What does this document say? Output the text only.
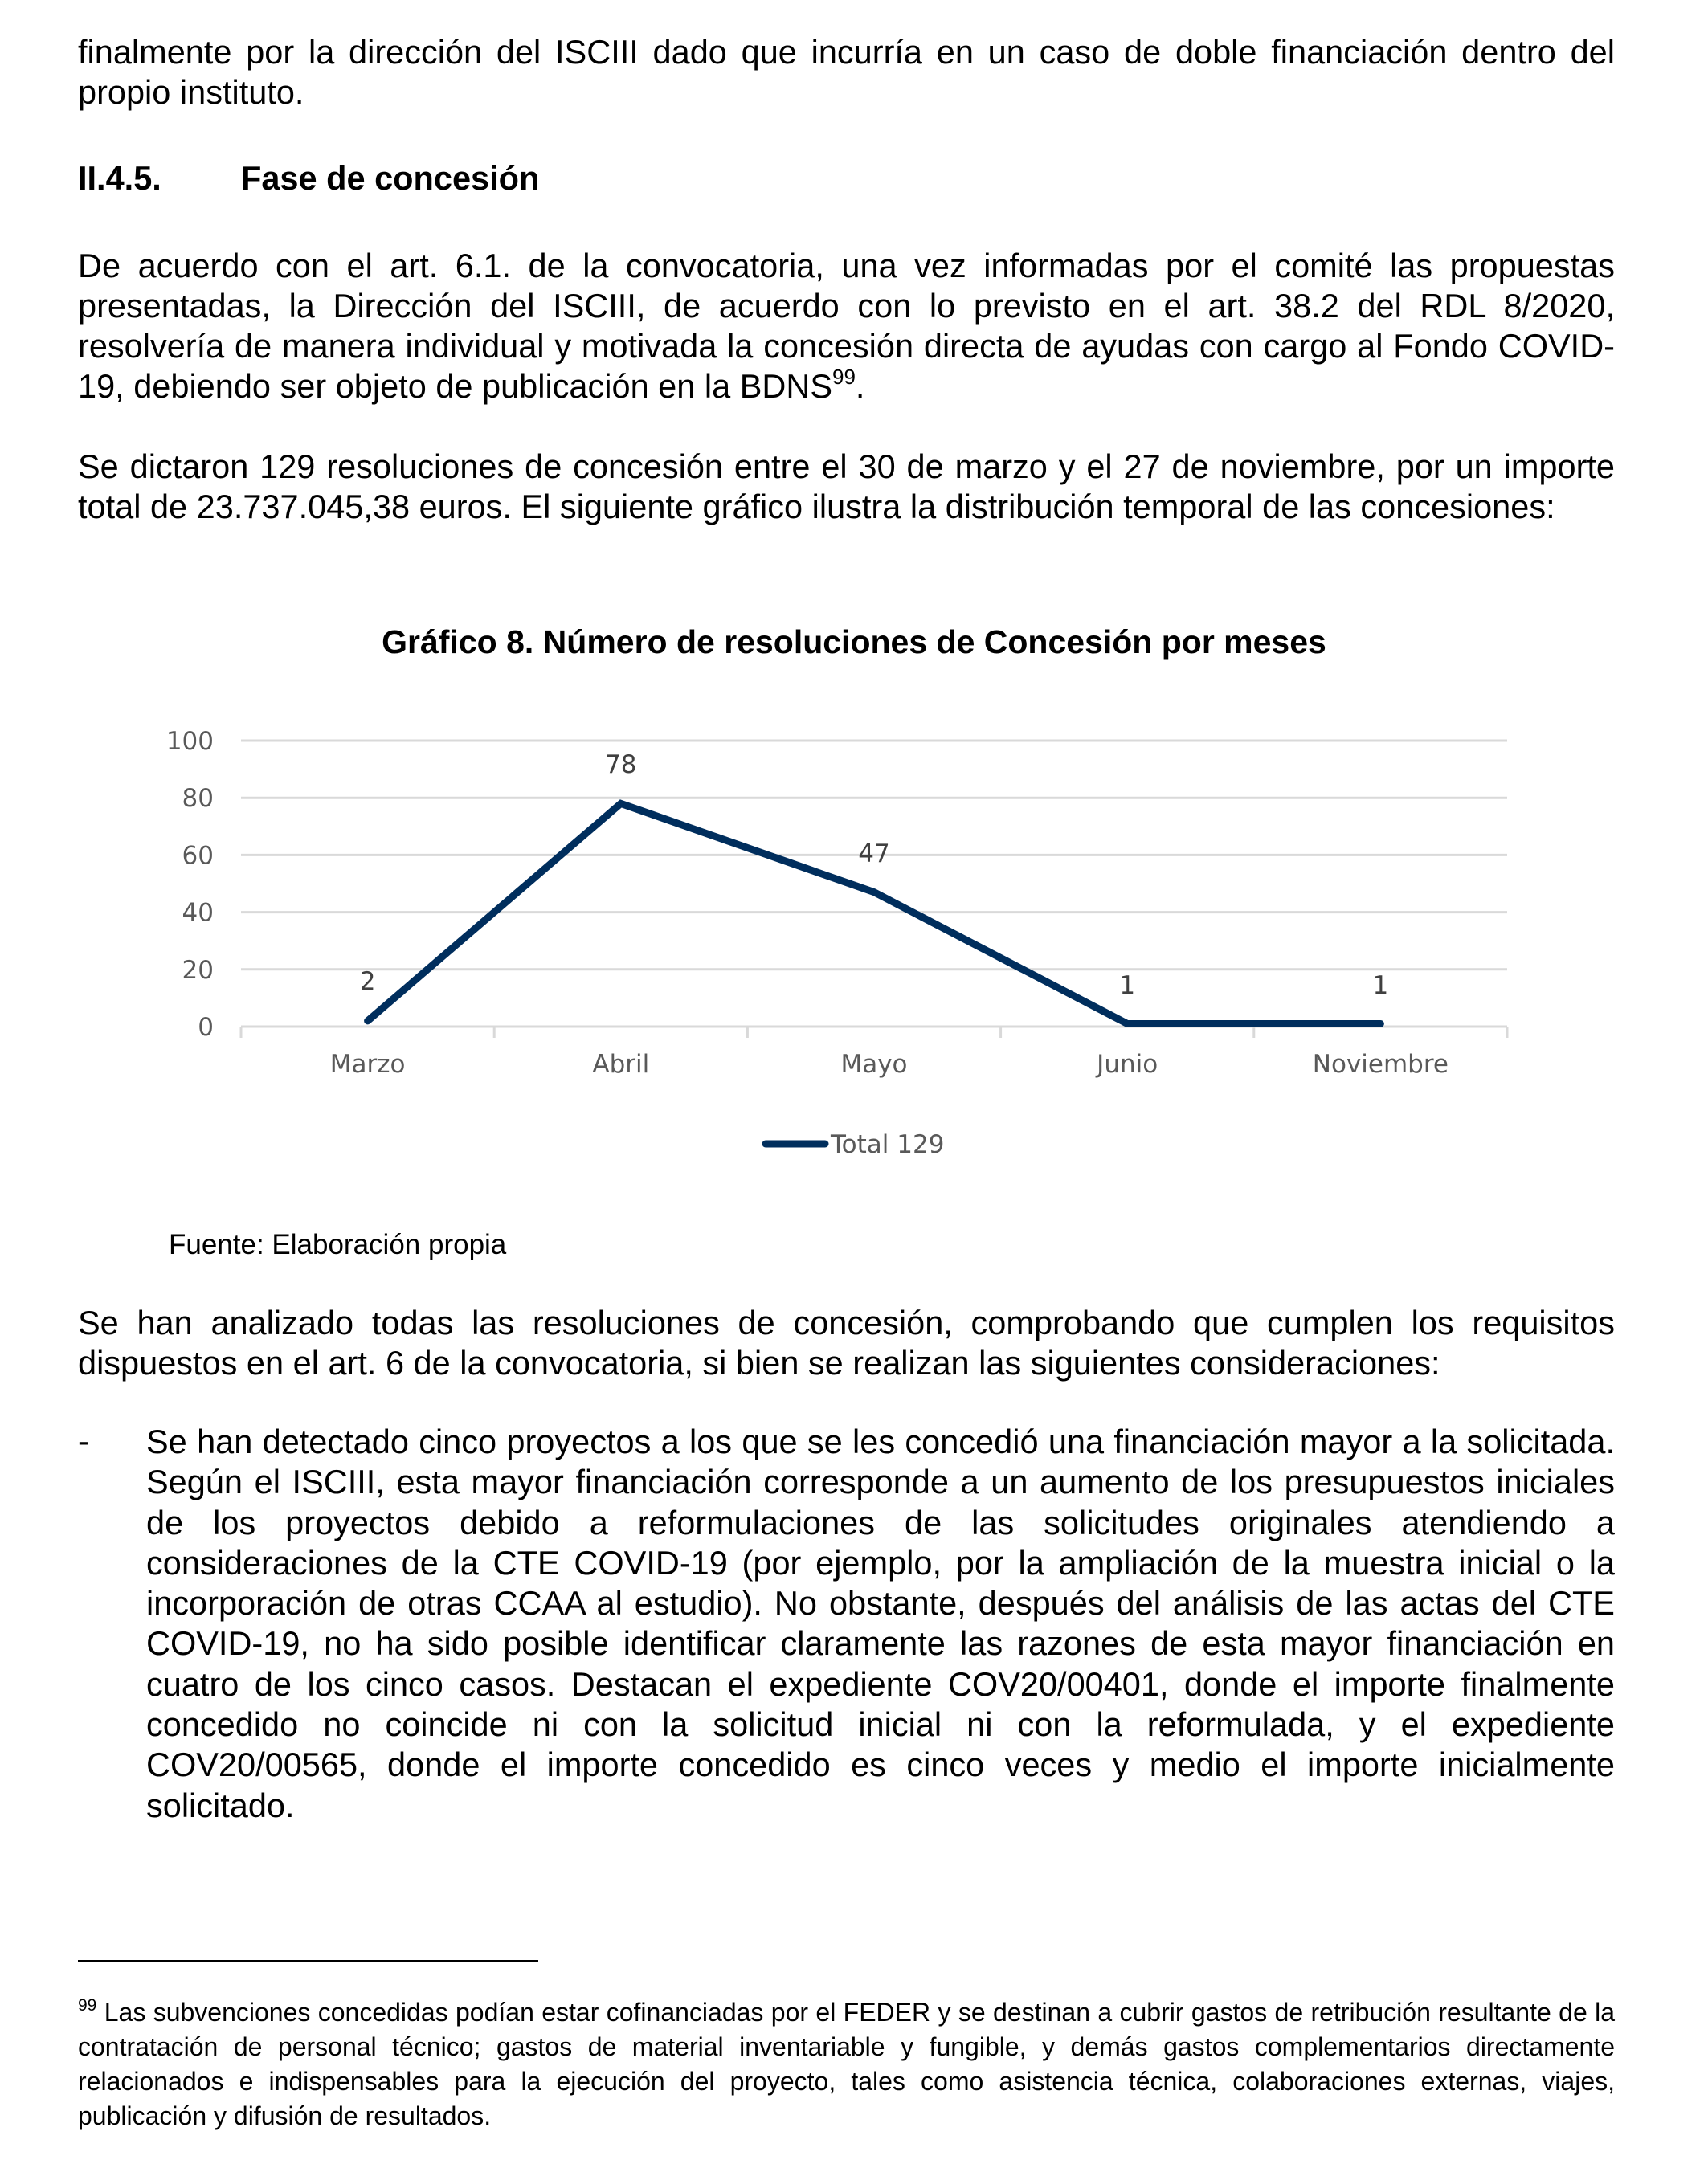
finalmente por la dirección del ISCIII dado que incurría en un caso de doble financiación dentro del propio instituto.
II.4.5. Fase de concesión
De acuerdo con el art. 6.1. de la convocatoria, una vez informadas por el comité las propuestas presentadas, la Dirección del ISCIII, de acuerdo con lo previsto en el art. 38.2 del RDL 8/2020, resolvería de manera individual y motivada la concesión directa de ayudas con cargo al Fondo COVID-19, debiendo ser objeto de publicación en la BDNS$^{99}$.
Se dictaron 129 resoluciones de concesión entre el 30 de marzo y el 27 de noviembre, por un importe total de 23.737.045,38 euros. El siguiente gráfico ilustra la distribución temporal de las concesiones:
Gráfico 8. Número de resoluciones de Concesión por meses
0
20
40
60
80
100
Marzo	Abril	Mayo	Junio	Noviembre
2
78
47
1	1
Total 129
Fuente: Elaboración propia
Se han analizado todas las resoluciones de concesión, comprobando que cumplen los requisitos dispuestos en el art. 6 de la convocatoria, si bien se realizan las siguientes consideraciones:
- Se han detectado cinco proyectos a los que se les concedió una financiación mayor a la solicitada. Según el ISCIII, esta mayor financiación corresponde a un aumento de los presupuestos iniciales de los proyectos debido a reformulaciones de las solicitudes originales atendiendo a consideraciones de la CTE COVID-19 (por ejemplo, por la ampliación de la muestra inicial o la incorporación de otras CCAA al estudio). No obstante, después del análisis de las actas del CTE COVID-19, no ha sido posible identificar claramente las razones de esta mayor financiación en cuatro de los cinco casos. Destacan el expediente COV20/00401, donde el importe finalmente concedido no coincide ni con la solicitud inicial ni con la reformulada, y el expediente COV20/00565, donde el importe concedido es cinco veces y medio el importe inicialmente solicitado.
$^{99}$ Las subvenciones concedidas podían estar cofinanciadas por el FEDER y se destinan a cubrir gastos de retribución resultante de la contratación de personal técnico; gastos de material inventariable y fungible, y demás gastos complementarios directamente relacionados e indispensables para la ejecución del proyecto, tales como asistencia técnica, colaboraciones externas, viajes, publicación y difusión de resultados.
